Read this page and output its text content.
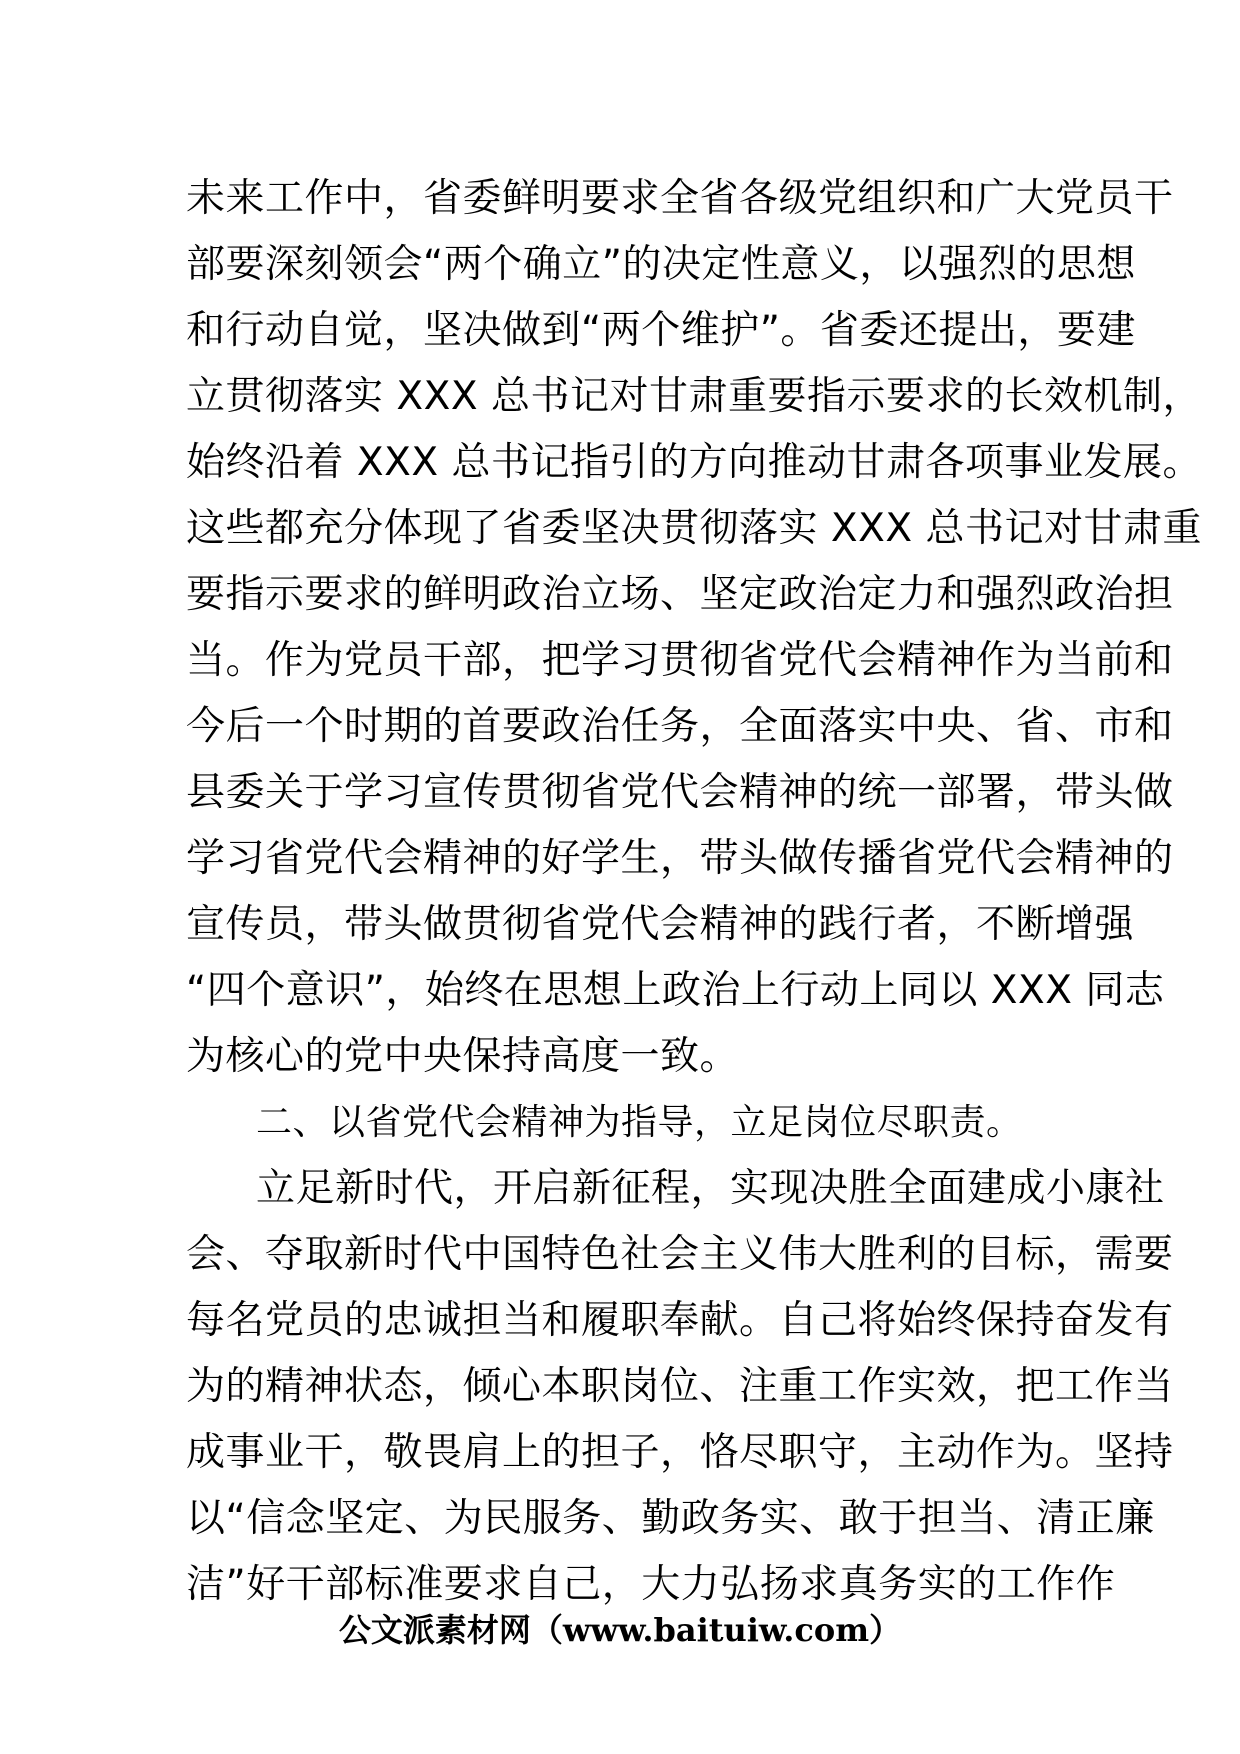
未来工作中，省委鲜明要求全省各级党组织和广大党员干
部要深刻领会“两个确立”的决定性意义，以强烈的思想
和行动自觉，坚决做到“两个维护”。省委还提出，要建
立贯彻落实 XXX 总书记对甘肃重要指示要求的长效机制，
始终沿着 XXX 总书记指引的方向推动甘肃各项事业发展。
这些都充分体现了省委坚决贯彻落实 XXX 总书记对甘肃重
要指示要求的鲜明政治立场、坚定政治定力和强烈政治担
当。作为党员干部，把学习贯彻省党代会精神作为当前和
今后一个时期的首要政治任务，全面落实中央、省、市和
县委关于学习宣传贯彻省党代会精神的统一部署，带头做
学习省党代会精神的好学生，带头做传播省党代会精神的
宣传员，带头做贯彻省党代会精神的践行者，不断增强
“四个意识”，始终在思想上政治上行动上同以 XXX 同志
为核心的党中央保持高度一致。
二、以省党代会精神为指导，立足岗位尽职责。
立足新时代，开启新征程，实现决胜全面建成小康社
会、夺取新时代中国特色社会主义伟大胜利的目标，需要
每名党员的忠诚担当和履职奉献。自己将始终保持奋发有
为的精神状态，倾心本职岗位、注重工作实效，把工作当
成事业干，敬畏肩上的担子，恪尽职守，主动作为。坚持
以“信念坚定、为民服务、勤政务实、敢于担当、清正廉
洁”好干部标准要求自己，大力弘扬求真务实的工作作
公文派素材网（www.baituiw.com）
